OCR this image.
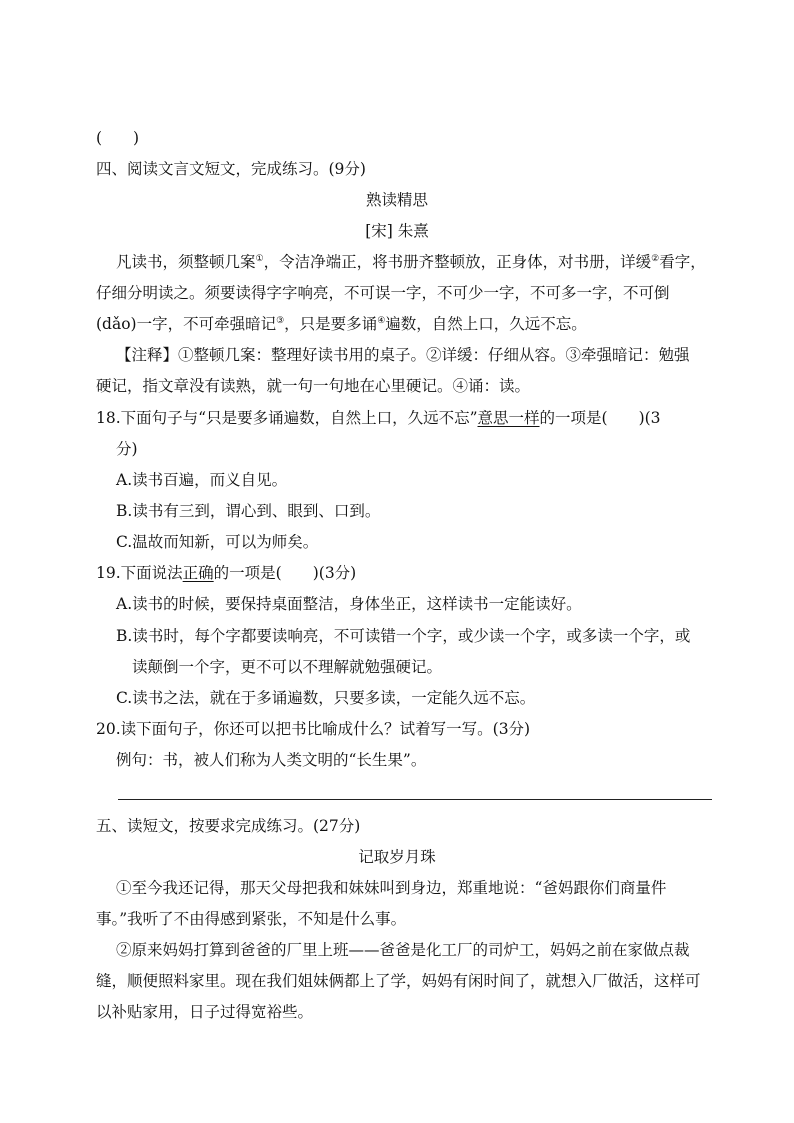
(　　)
四、阅读文言文短文，完成练习。(9分)
熟读精思
[宋] 朱熹
凡读书，须整顿几案①，令洁净端正，将书册齐整顿放，正身体，对书册，详缓②看字，
仔细分明读之。须要读得字字响亮，不可误一字，不可少一字，不可多一字，不可倒
(dǎo)一字，不可牵强暗记③，只是要多诵④遍数，自然上口，久远不忘。
【注释】①整顿几案：整理好读书用的桌子。②详缓：仔细从容。③牵强暗记：勉强
硬记，指文章没有读熟，就一句一句地在心里硬记。④诵：读。
18.下面句子与“只是要多诵遍数，自然上口，久远不忘”意思一样的一项是(　　)(3
分)
A.读书百遍，而义自见。
B.读书有三到，谓心到、眼到、口到。
C.温故而知新，可以为师矣。
19.下面说法正确的一项是(　　)(3分)
A.读书的时候，要保持桌面整洁，身体坐正，这样读书一定能读好。
B.读书时，每个字都要读响亮，不可读错一个字，或少读一个字，或多读一个字，或
读颠倒一个字，更不可以不理解就勉强硬记。
C.读书之法，就在于多诵遍数，只要多读，一定能久远不忘。
20.读下面句子，你还可以把书比喻成什么？试着写一写。(3分)
例句：书，被人们称为人类文明的“长生果”。
五、读短文，按要求完成练习。(27分)
记取岁月珠
①至今我还记得，那天父母把我和妹妹叫到身边，郑重地说：“爸妈跟你们商量件
事。”我听了不由得感到紧张，不知是什么事。
②原来妈妈打算到爸爸的厂里上班——爸爸是化工厂的司炉工，妈妈之前在家做点裁
缝，顺便照料家里。现在我们姐妹俩都上了学，妈妈有闲时间了，就想入厂做活，这样可
以补贴家用，日子过得宽裕些。
